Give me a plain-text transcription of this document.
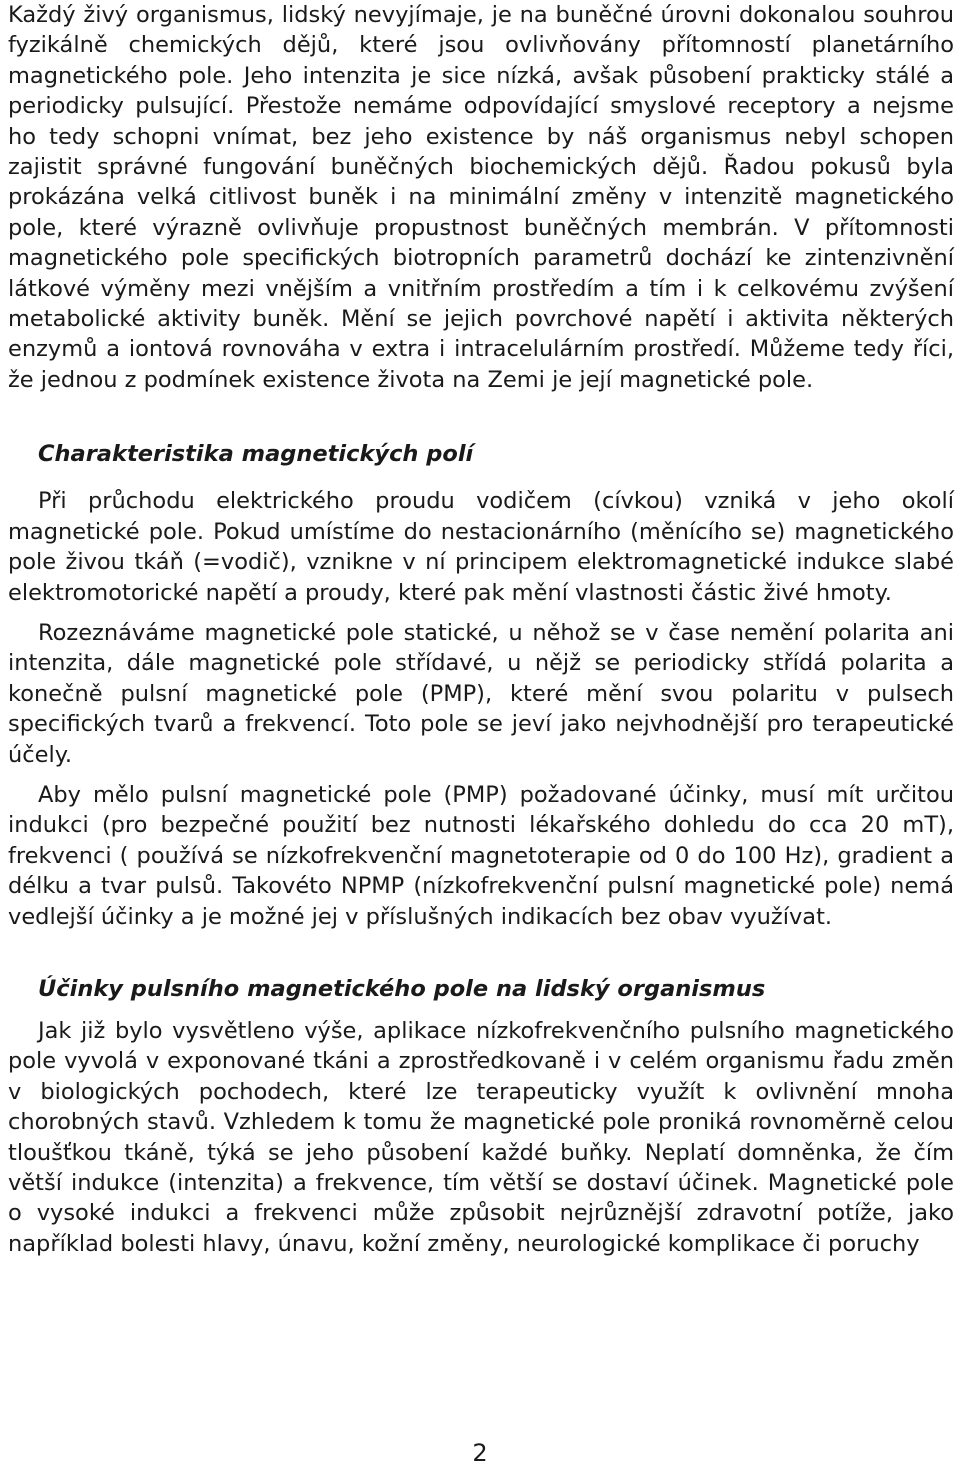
Každý živý organismus, lidský nevyjímaje, je na buněčné úrovni dokonalou souhrou fyzikálně chemických dějů, které jsou ovlivňovány přítomností planetárního magnetického pole. Jeho intenzita je sice nízká, avšak působení prakticky stálé a periodicky pulsující. Přestože nemáme odpovídající smyslové receptory a nejsme ho tedy schopni vnímat, bez jeho existence by náš organismus nebyl schopen zajistit správné fungování buněčných biochemických dějů. Řadou pokusů byla prokázána velká citlivost buněk i na minimální změny v intenzitě magnetického pole, které výrazně ovlivňuje propustnost buněčných membrán. V přítomnosti magnetického pole specifických biotropních parametrů dochází ke zintenzivnění látkové výměny mezi vnějším a vnitřním prostředím a tím i k celkovému zvýšení metabolické aktivity buněk. Mění se jejich povrchové napětí i aktivita některých enzymů a iontová rovnováha v extra i intracelulárním prostředí. Můžeme tedy říci, že jednou z podmínek existence života na Zemi je její magnetické pole.

Charakteristika magnetických polí

Při průchodu elektrického proudu vodičem (cívkou) vzniká v jeho okolí magnetické pole. Pokud umístíme do nestacionárního (měnícího se) magnetického pole živou tkáň (=vodič), vznikne v ní principem elektromagnetické indukce slabé elektromotorické napětí a proudy, které pak mění vlastnosti částic živé hmoty.

Rozeznáváme magnetické pole statické, u něhož se v čase nemění polarita ani intenzita, dále magnetické pole střídavé, u nějž se periodicky střídá polarita a konečně pulsní magnetické pole (PMP), které mění svou polaritu v pulsech specifických tvarů a frekvencí. Toto pole se jeví jako nejvhodnější pro terapeutické účely.

Aby mělo pulsní magnetické pole (PMP) požadované účinky, musí mít určitou indukci (pro bezpečné použití bez nutnosti lékařského dohledu do cca 20 mT), frekvenci ( používá se nízkofrekvenční magnetoterapie od 0 do 100 Hz), gradient a délku a tvar pulsů. Takovéto NPMP (nízkofrekvenční pulsní magnetické pole) nemá vedlejší účinky a je možné jej v příslušných indikacích bez obav využívat.

Účinky pulsního magnetického pole na lidský organismus

Jak již bylo vysvětleno výše, aplikace nízkofrekvenčního pulsního magnetického pole vyvolá v exponované tkáni a zprostředkovaně i v celém organismu řadu změn v biologických pochodech, které lze terapeuticky využít k ovlivnění mnoha chorobných stavů. Vzhledem k tomu že magnetické pole proniká rovnoměrně celou tloušťkou tkáně, týká se jeho působení každé buňky. Neplatí domněnka, že čím větší indukce (intenzita) a frekvence, tím větší se dostaví účinek. Magnetické pole o vysoké indukci a frekvenci může způsobit nejrůznější zdravotní potíže, jako například bolesti hlavy, únavu, kožní změny, neurologické komplikace či poruchy

2
